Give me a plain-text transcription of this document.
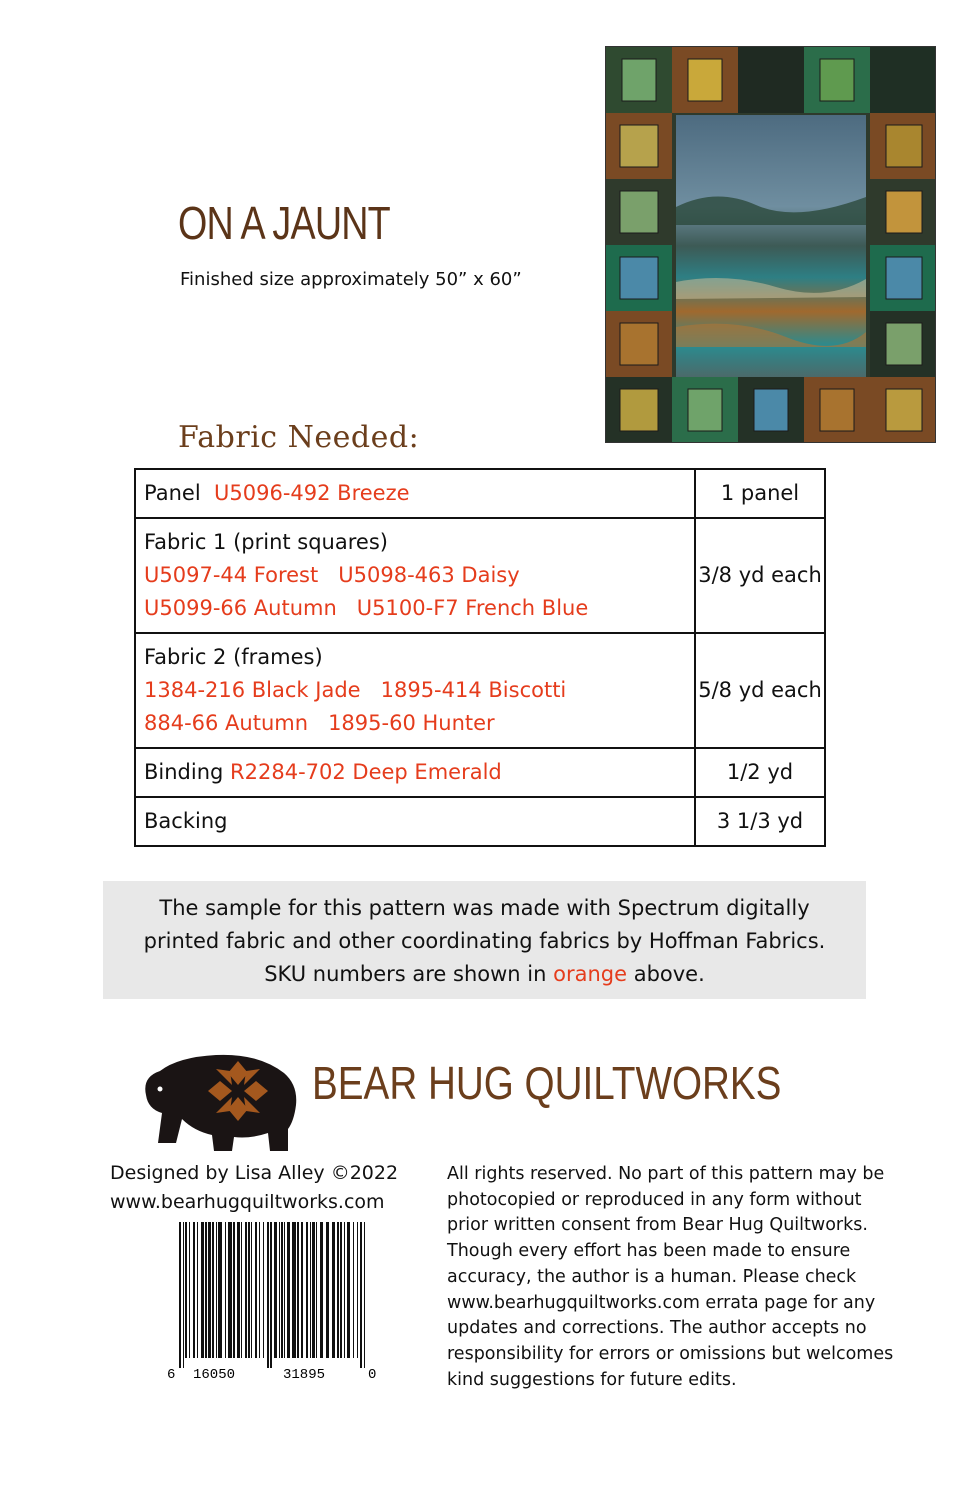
ON A JAUNT
Finished size approximately 50” x 60”
Fabric Needed:
Panel U5096-492 Breeze	1 panel

Fabric 1 (print squares)
U5097-44 Forest   U5098-463 Daisy
U5099-66 Autumn   U5100-F7 French Blue	3/8 yd each

Fabric 2 (frames)
1384-216 Black Jade   1895-414 Biscotti
884-66 Autumn   1895-60 Hunter	5/8 yd each
Binding R2284-702 Deep Emerald	1/2 yd
Backing	3 1/3 yd
The sample for this pattern was made with Spectrum digitally
printed fabric and other coordinating fabrics by Hoffman Fabrics.
SKU numbers are shown in orange above.
BEAR HUG QUILTWORKS
Designed by Lisa Alley ©2022
www.bearhugquiltworks.com
6 16050	31895	0
All rights reserved. No part of this pattern may be
photocopied or reproduced in any form without
prior written consent from Bear Hug Quiltworks.
Though every effort has been made to ensure
accuracy, the author is a human. Please check
www.bearhugquiltworks.com errata page for any
updates and corrections. The author accepts no
responsibility for errors or omissions but welcomes
kind suggestions for future edits.
